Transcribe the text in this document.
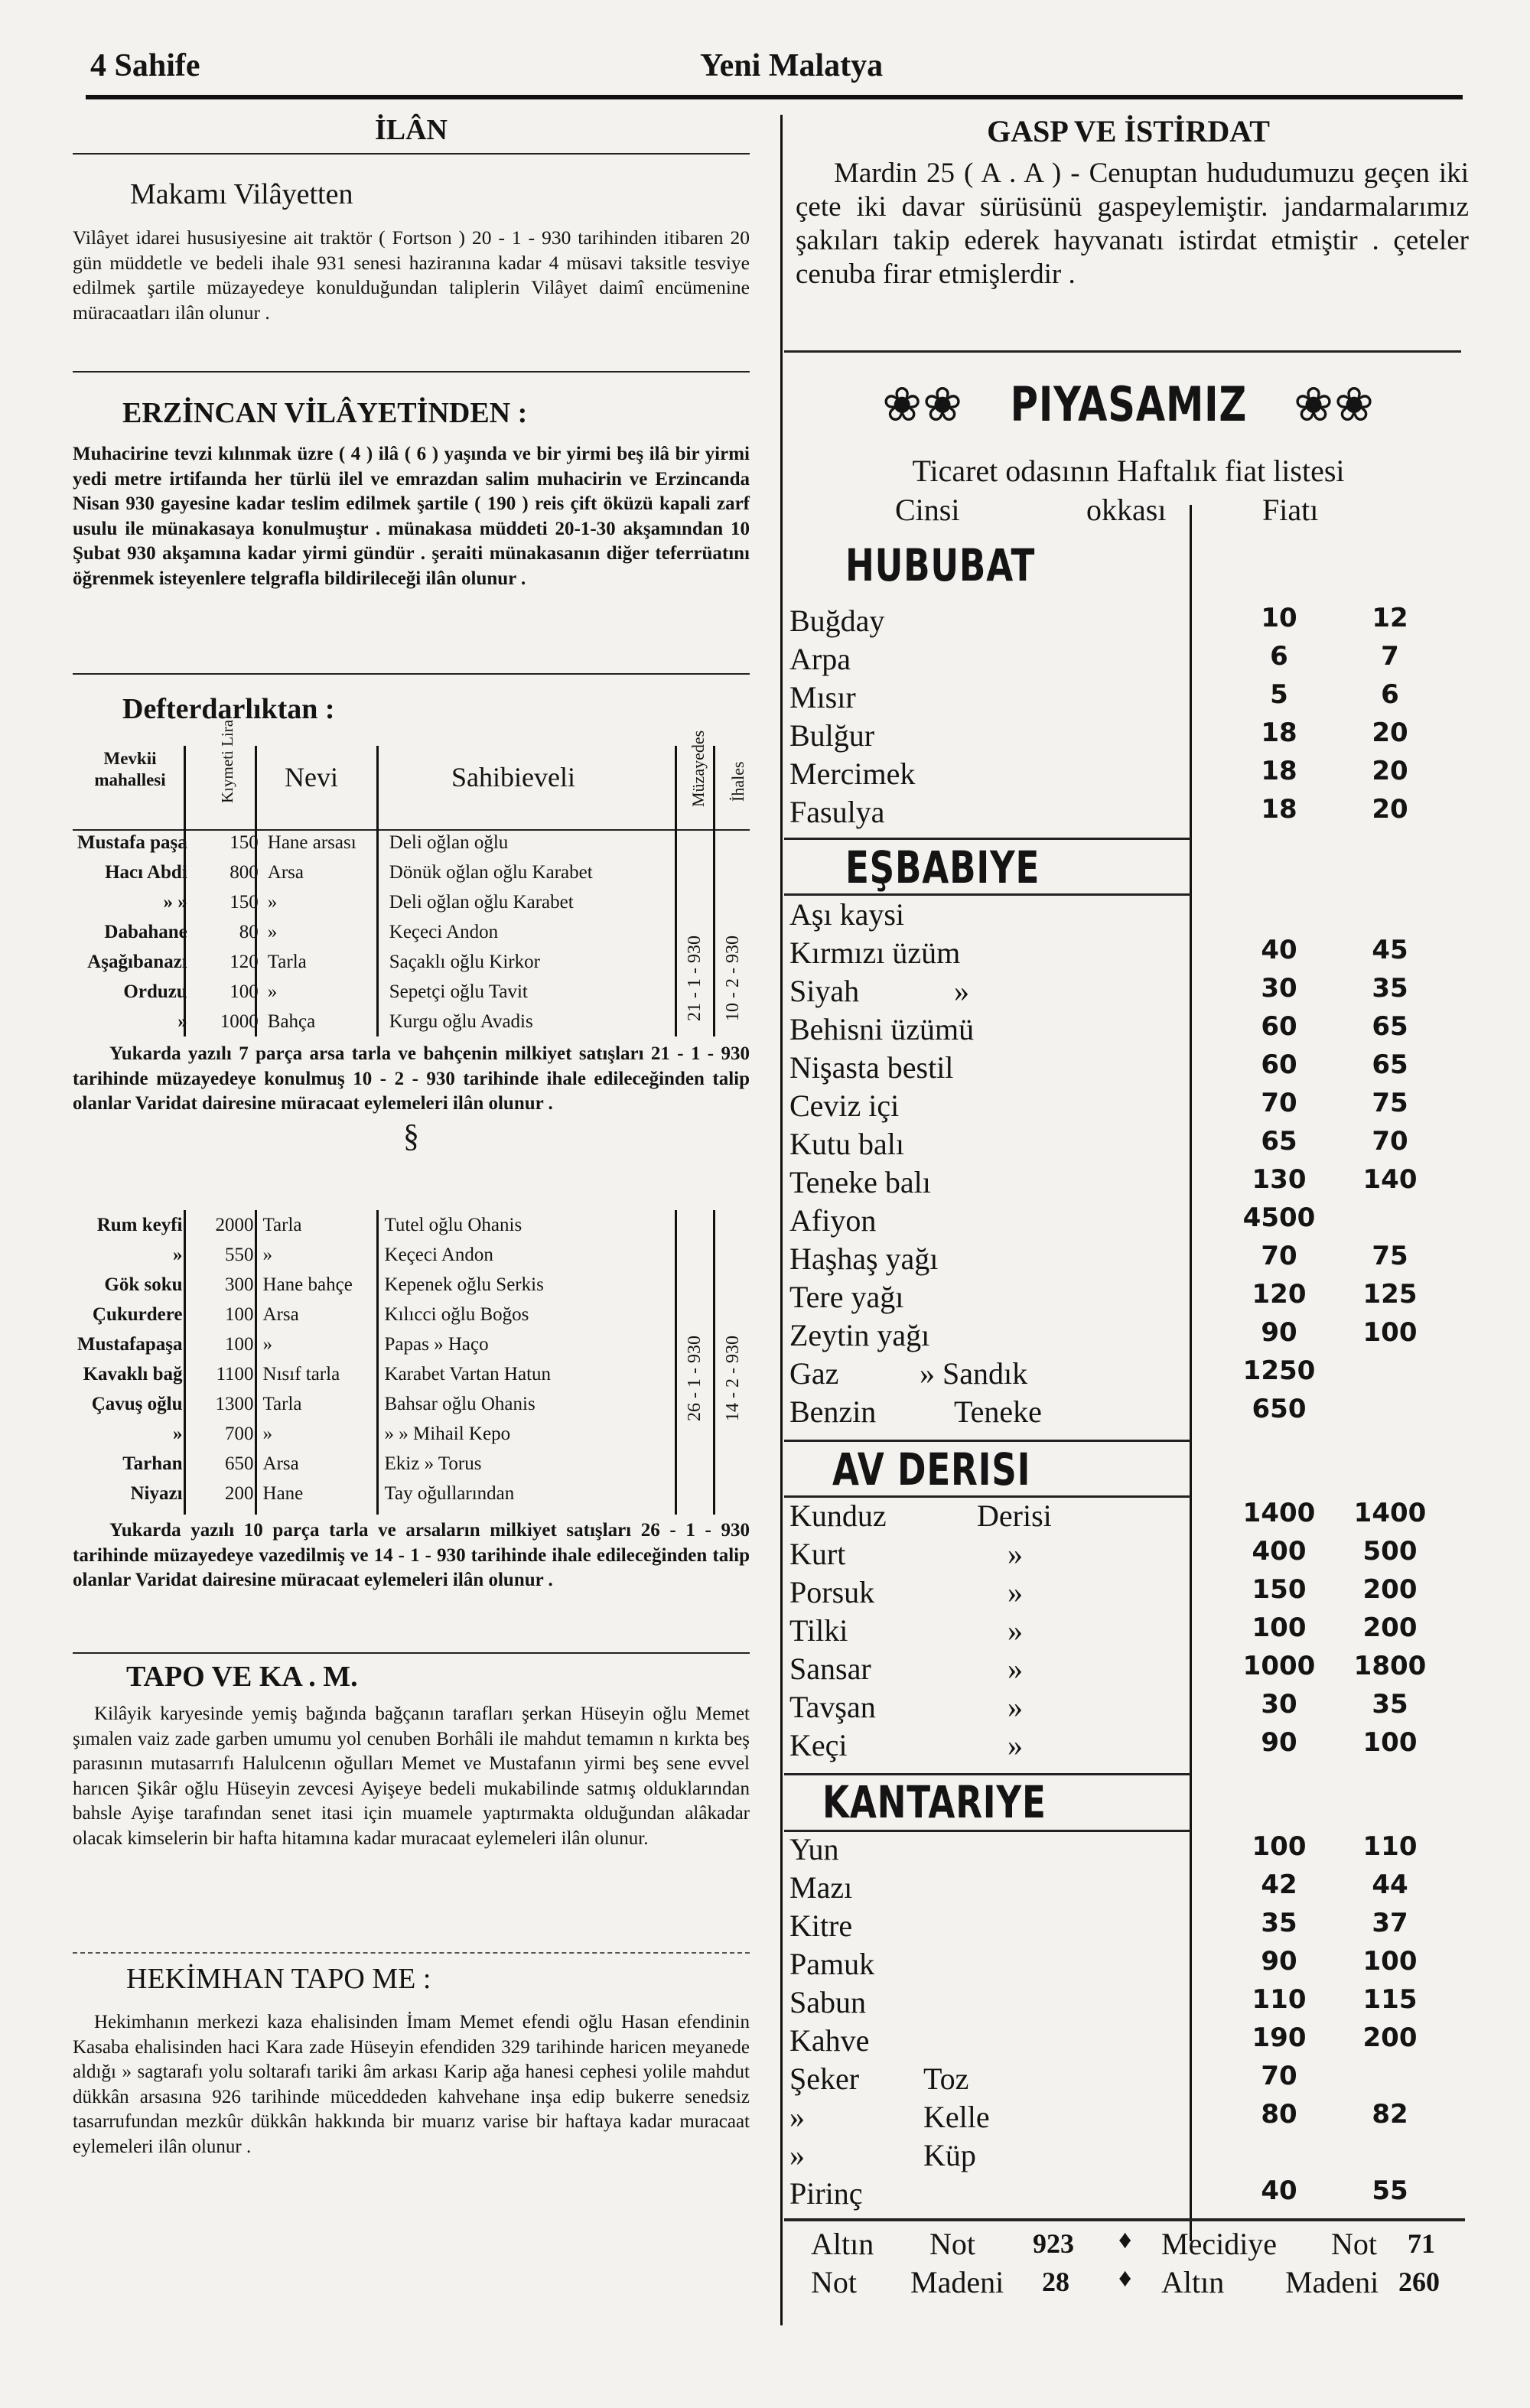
4 Sahife	Yeni Malatya
İLÂN
Makamı Vilâyetten
Vilâyet idarei hususiyesine ait traktör ( Fortson ) 20 - 1 - 930 tarihinden itibaren 20 gün müddetle ve bedeli ihale 931 senesi haziranına kadar 4 müsavi taksitle tesviye edilmek şartile müzayedeye konulduğundan taliplerin Vilâyet daimî encümenine müracaatları ilân olunur .
ERZİNCAN VİLÂYETİNDEN :
Muhacirine tevzi kılınmak üzre ( 4 ) ilâ ( 6 ) yaşında ve bir yirmi beş ilâ bir yirmi yedi metre irtifaında her türlü ilel ve emrazdan salim muhacirin ve Erzincanda Nisan 930 gayesine kadar teslim edilmek şartile ( 190 ) reis çift öküzü kapali zarf usulu ile münakasaya konulmuştur . münakasa müddeti 20-1-30 akşamından 10 Şubat 930 akşamına kadar yirmi gündür . şeraiti münakasanın diğer teferrüatını öğrenmek isteyenlere telgrafla bildirileceği ilân olunur .
Defterdarlıktan :
Mevkii mahallesi	Kıymeti Lira Nevi	Sahibieveli	Müzayedes İhales
Mustafa paşa	150	Hane arsası	Deli oğlan oğlu
Hacı Abdi	800	Arsa	Dönük oğlan oğlu Karabet
» »	150	»	Deli oğlan oğlu Karabet
Dabahane	80	»	Keçeci Andon
Aşağıbanazı	120	Tarla	Saçaklı oğlu Kirkor
Orduzu	100	»	Sepetçi oğlu Tavit
»	1000	Bahça	Kurgu oğlu Avadis	21 - 1 - 930 10 - 2 - 930
Yukarda yazılı 7 parça arsa tarla ve bahçenin milkiyet satışları 21 - 1 - 930 tarihinde müzayedeye konulmuş 10 - 2 - 930 tarihinde ihale edileceğinden talip olanlar Varidat dairesine müracaat eylemeleri ilân olunur .
§
Rum keyfi	2000	Tarla	Tutel oğlu Ohanis
»	550	»	Keçeci Andon
Gök soku	300	Hane bahçe	Kepenek oğlu Serkis
Çukurdere	100	Arsa	Kılıcci oğlu Boğos
Mustafapaşa	100	»	Papas » Haço
Kavaklı bağ	1100	Nısıf tarla	Karabet Vartan Hatun
Çavuş oğlu	1300	Tarla	Bahsar oğlu Ohanis
»	700	»	» » Mihail Kepo
Tarhan	650	Arsa	Ekiz » Torus
Niyazı	200	Hane	Tay oğullarından
26 - 1 - 930 14 - 2 - 930
Yukarda yazılı 10 parça tarla ve arsaların milkiyet satışları 26 - 1 - 930 tarihinde müzayedeye vazedilmiş ve 14 - 1 - 930 tarihinde ihale edileceğinden talip olanlar Varidat dairesine müracaat eylemeleri ilân olunur .
TAPO VE KA . M.
Kilâyik karyesinde yemiş bağında bağçanın tarafları şerkan Hüseyin oğlu Memet şımalen vaiz zade garben umumu yol cenuben Borhâli ile mahdut temamın n kırkta beş parasının mutasarrıfı Halulcenın oğulları Memet ve Mustafanın yirmi beş sene evvel harıcen Şikâr oğlu Hüseyin zevcesi Ayişeye bedeli mukabilinde satmış olduklarından bahsle Ayişe tarafından senet itasi için muamele yaptırmakta olduğundan alâkadar olacak kimselerin bir hafta hitamına kadar muracaat eylemeleri ilân olunur.
HEKİMHAN TAPO ME :
Hekimhanın merkezi kaza ehalisinden İmam Memet efendi oğlu Hasan efendinin Kasaba ehalisinden haci Kara zade Hüseyin efendiden 329 tarihinde haricen meyanede aldığı » sagtarafı yolu soltarafı tariki âm arkası Karip ağa hanesi cephesi yolile mahdut dükkân arsasına 926 tarihinde müceddeden kahvehane inşa edip bukerre senedsiz tasarrufundan mezkûr dükkân hakkında bir muarız varise bir haftaya kadar muracaat eylemeleri ilân olunur .
GASP VE İSTİRDAT
Mardin 25 ( A . A ) - Cenuptan hududumuzu geçen iki çete iki davar sürüsünü gaspeylemiştir. jandarmalarımız şakıları takip ederek hayvanatı istirdat etmiştir . çeteler cenuba firar etmişlerdir .
❀❀ PIYASAMIZ ❀❀
Ticaret odasının Haftalık fiat listesi
Cinsi	okkası	Fiatı
HUBUBAT
Buğday	10	12
Arpa	6	7
Mısır	5	6
Bulğur	18	20
Mercimek	18	20
Fasulya	18	20
EŞBABIYE
Aşı kaysi
Kırmızı üzüm	40	45
Siyah	»	30	35
Behisni üzümü	60	65
Nişasta bestil	60	65
Ceviz içi	70	75
Kutu balı	65	70
Teneke balı	130	140
Afiyon	4500
Haşhaş yağı	70	75
Tere yağı	120	125
Zeytin yağı	90	100
Gaz	» Sandık	1250
Benzin	Teneke	650
AV DERISI
Kunduz	Derisi	1400 1400
Kurt	»	400	500
Porsuk	»	150	200
Tilki	»	100	200
Sansar	»	1000 1800
Tavşan	»	30	35
Keçi	»	90	100
KANTARIYE
Yun	100	110
Mazı	42	44
Kitre	35	37
Pamuk	90	100
Sabun	110	115
Kahve	190	200
Şeker Toz	70
»	Kelle	80	82
»	Küp
Pirinç	40	55
Altın Not 923
Not Madeni 28
♦
♦
Mecidiye Not 71
Altın Madeni 260
